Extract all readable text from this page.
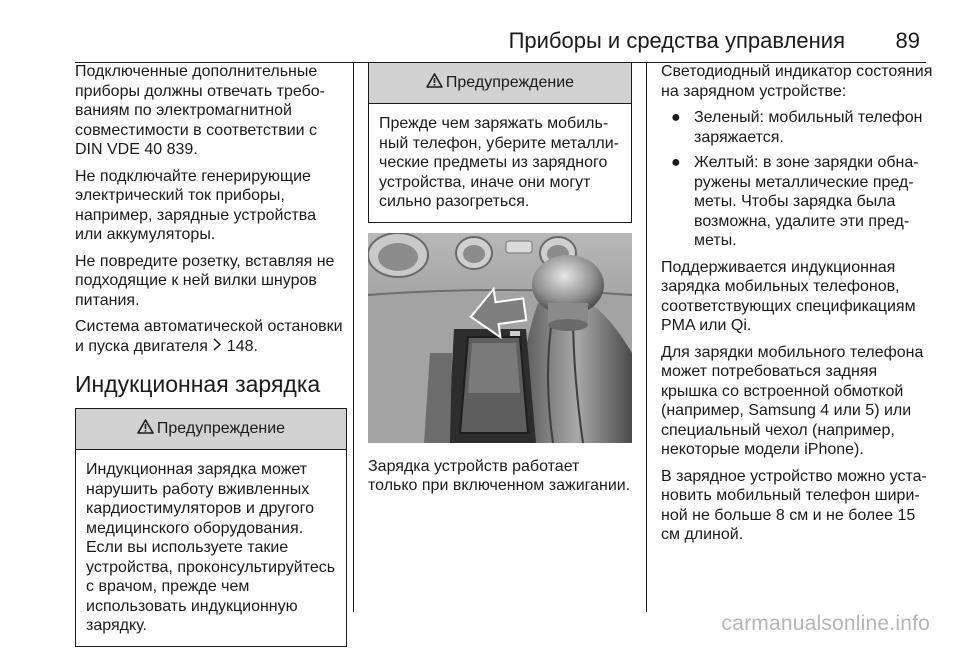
Приборы и средства управления 89

Подключенные дополнительные приборы должны отвечать требованиям по электромагнитной совместимости в соответствии с DIN VDE 40 839.

Не подключайте генерирующие электрический ток приборы, например, зарядные устройства или аккумуляторы.

Не повредите розетку, вставляя не подходящие к ней вилки шнуров питания.

Система автоматической остановки и пуска двигателя 148.

Индукционная зарядка
Предупреждение
Индукционная зарядка может нарушить работу вживленных кардиостимуляторов и другого медицинского оборудования. Если вы используете такие устройства, проконсультируйтесь с врачом, прежде чем использовать индукционную зарядку.
Предупреждение
Прежде чем заряжать мобильный телефон, уберите металлические предметы из зарядного устройства, иначе они могут сильно разогреться.

Зарядка устройств работает только при включенном зажигании.

Светодиодный индикатор состояния на зарядном устройстве:

● Зеленый: мобильный телефон заряжается.
● Желтый: в зоне зарядки обнаружены металлические предметы. Чтобы зарядка была возможна, удалите эти предметы.

Поддерживается индукционная зарядка мобильных телефонов, соответствующих спецификациям PMA или Qi.

Для зарядки мобильного телефона может потребоваться задняя крышка со встроенной обмоткой (например, Samsung 4 или 5) или специальный чехол (например, некоторые модели iPhone).

В зарядное устройство можно установить мобильный телефон шириной не больше 8 см и не более 15 см длиной.

carmanualsonline.info
